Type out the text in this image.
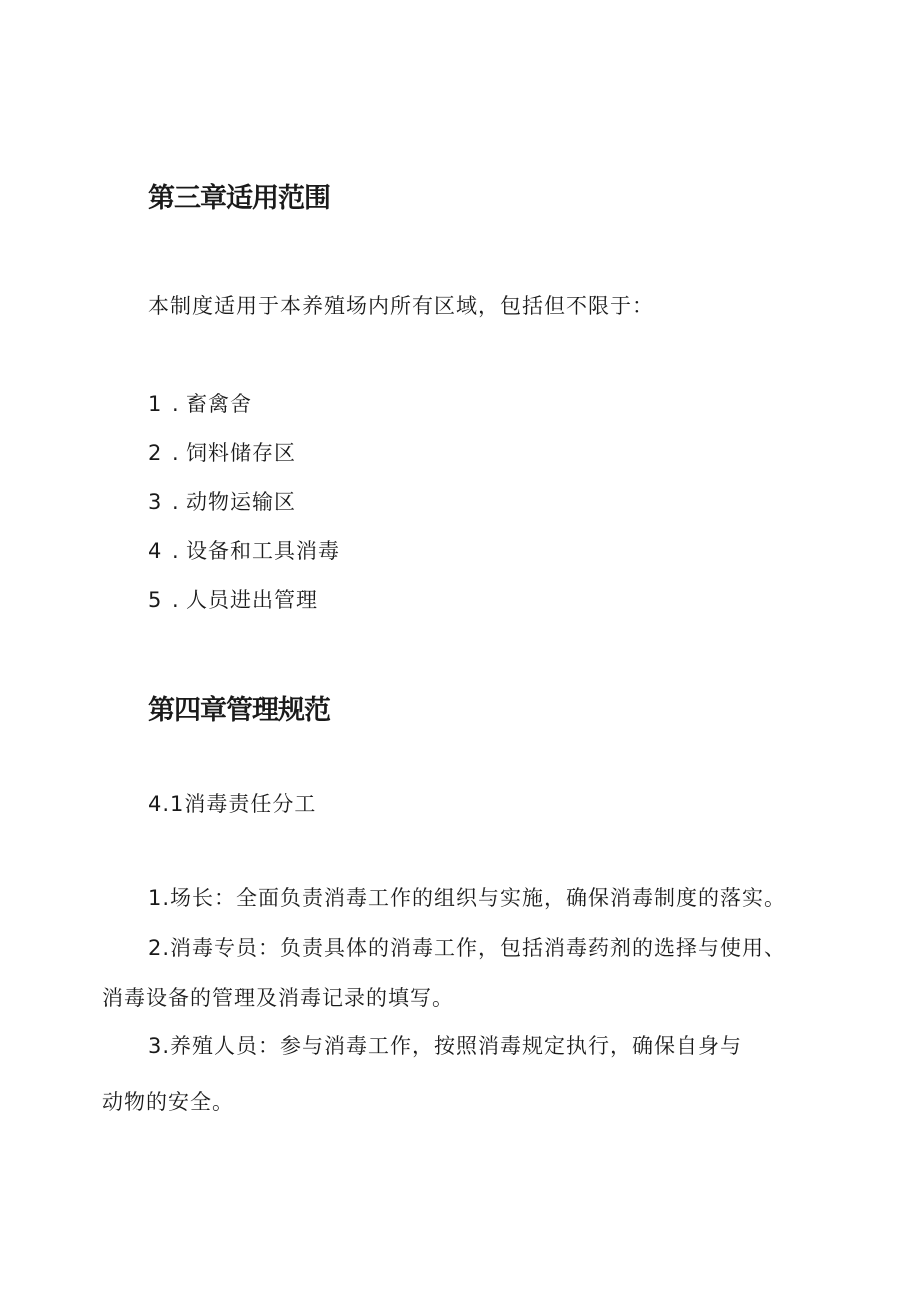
第三章适用范围
本制度适用于本养殖场内所有区域，包括但不限于：
1 . 畜禽舍
2 . 饲料储存区
3 . 动物运输区
4 . 设备和工具消毒
5 . 人员进出管理
第四章管理规范
4.1消毒责任分工
1.场长：全面负责消毒工作的组织与实施，确保消毒制度的落实。
2.消毒专员：负责具体的消毒工作，包括消毒药剂的选择与使用、
消毒设备的管理及消毒记录的填写。
3.养殖人员：参与消毒工作，按照消毒规定执行，确保自身与
动物的安全。
